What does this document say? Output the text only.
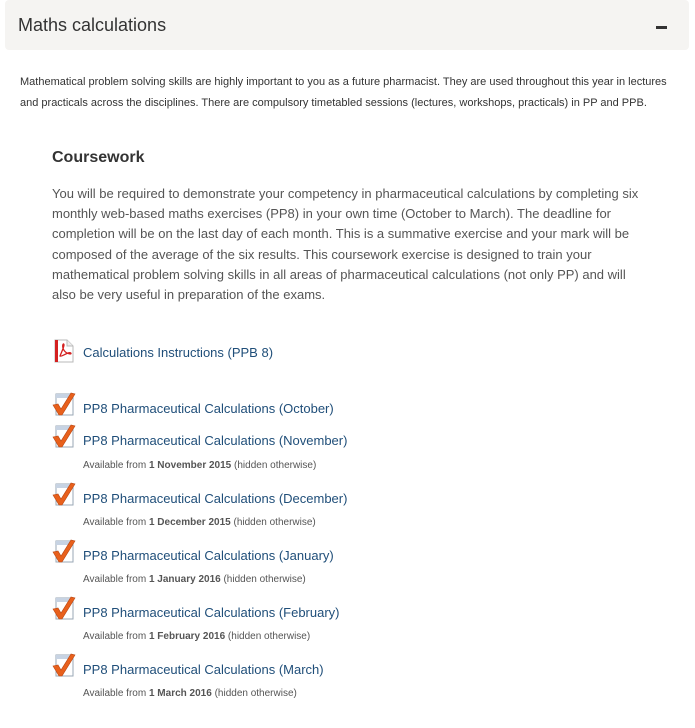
Maths calculations
Mathematical problem solving skills are highly important to you as a future pharmacist. They are used throughout this year in lectures and practicals across the disciplines. There are compulsory timetabled sessions (lectures, workshops, practicals) in PP and PPB.
Coursework
You will be required to demonstrate your competency in pharmaceutical calculations by completing six monthly web-based maths exercises (PP8) in your own time (October to March). The deadline for completion will be on the last day of each month. This is a summative exercise and your mark will be composed of the average of the six results. This coursework exercise is designed to train your mathematical problem solving skills in all areas of pharmaceutical calculations (not only PP) and will also be very useful in preparation of the exams.
Calculations Instructions (PPB 8)
PP8 Pharmaceutical Calculations (October)
PP8 Pharmaceutical Calculations (November)
Available from 1 November 2015 (hidden otherwise)
PP8 Pharmaceutical Calculations (December)
Available from 1 December 2015 (hidden otherwise)
PP8 Pharmaceutical Calculations (January)
Available from 1 January 2016 (hidden otherwise)
PP8 Pharmaceutical Calculations (February)
Available from 1 February 2016 (hidden otherwise)
PP8 Pharmaceutical Calculations (March)
Available from 1 March 2016 (hidden otherwise)
